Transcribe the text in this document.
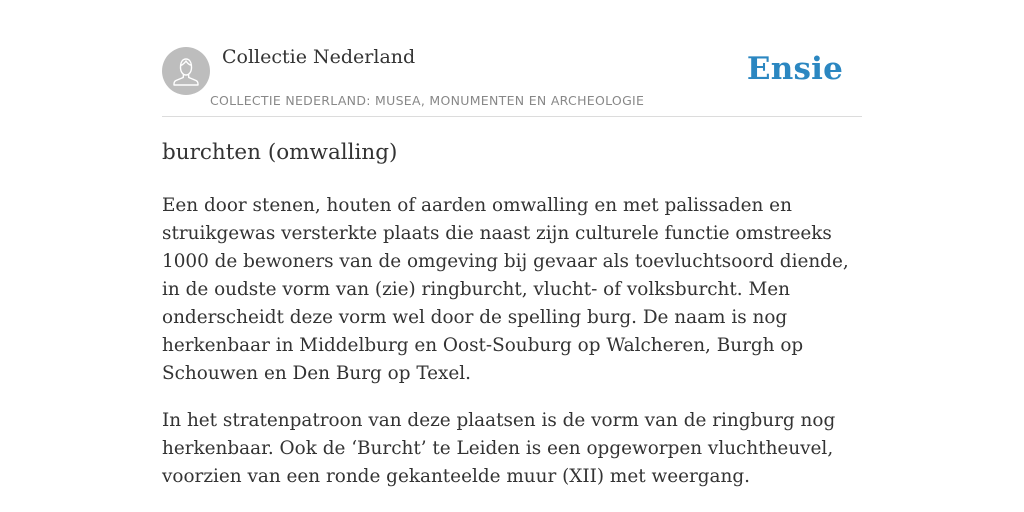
Collectie Nederland
COLLECTIE NEDERLAND: MUSEA, MONUMENTEN EN ARCHEOLOGIE
Ensie
burchten (omwalling)

Een door stenen, houten of aarden omwalling en met palissaden en struikgewas versterkte plaats die naast zijn culturele functie omstreeks 1000 de bewoners van de omgeving bij gevaar als toevluchtsoord diende, in de oudste vorm van (zie) ringburcht, vlucht- of volksburcht. Men onderscheidt deze vorm wel door de spelling burg. De naam is nog herkenbaar in Middelburg en Oost-Souburg op Walcheren, Burgh op Schouwen en Den Burg op Texel.

In het stratenpatroon van deze plaatsen is de vorm van de ringburg nog herkenbaar. Ook de ‘Burcht’ te Leiden is een opgeworpen vluchtheuvel, voorzien van een ronde gekanteelde muur (XII) met weergang.
